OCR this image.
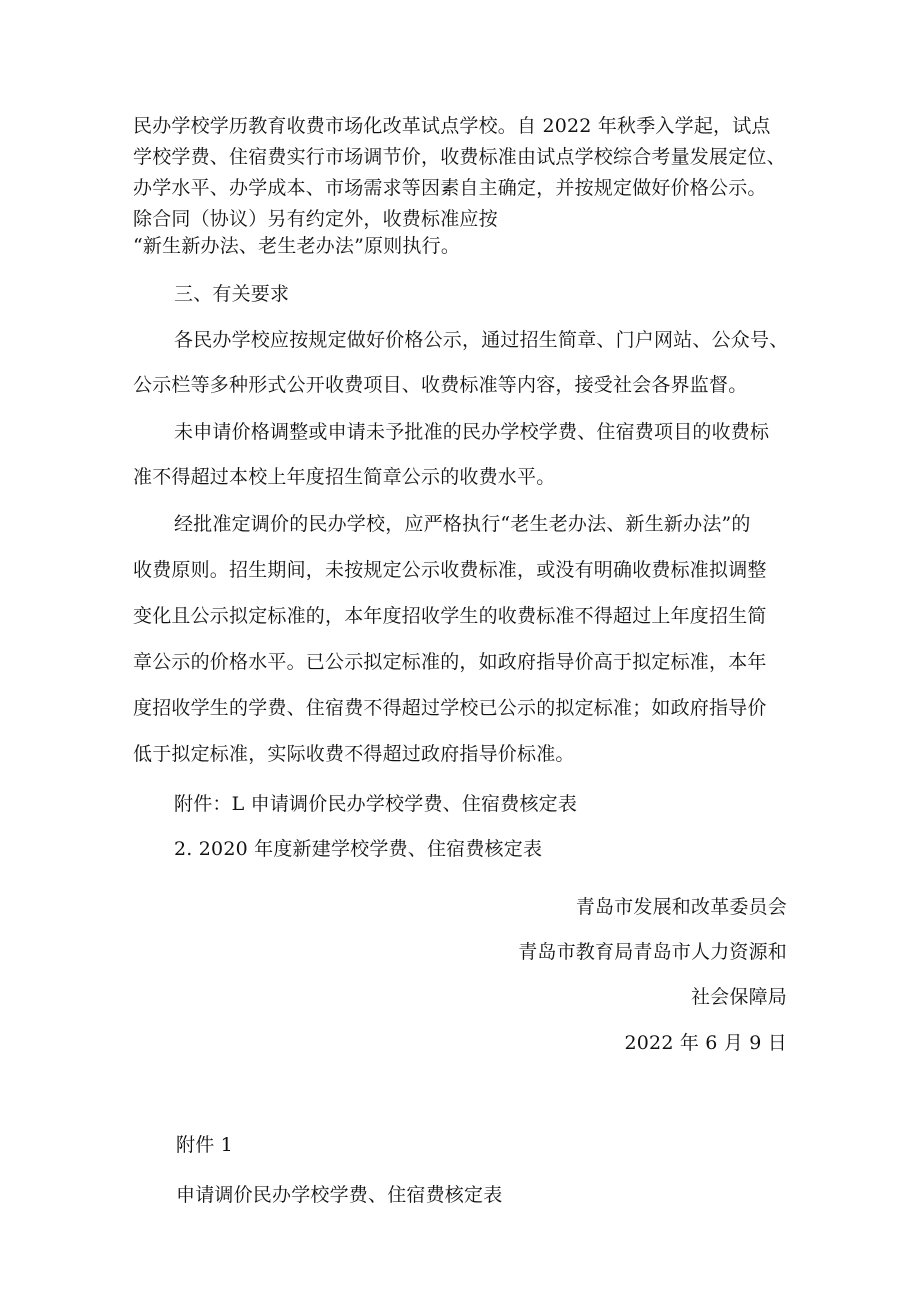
民办学校学历教育收费市场化改革试点学校。自 2022 年秋季入学起，试点

学校学费、住宿费实行市场调节价，收费标准由试点学校综合考量发展定位、

办学水平、办学成本、市场需求等因素自主确定，并按规定做好价格公示。

除合同（协议）另有约定外，收费标准应按

“新生新办法、老生老办法”原则执行。

三、有关要求

各民办学校应按规定做好价格公示，通过招生简章、门户网站、公众号、

公示栏等多种形式公开收费项目、收费标准等内容，接受社会各界监督。

未申请价格调整或申请未予批准的民办学校学费、住宿费项目的收费标

准不得超过本校上年度招生简章公示的收费水平。

经批准定调价的民办学校，应严格执行“老生老办法、新生新办法”的

收费原则。招生期间，未按规定公示收费标准，或没有明确收费标准拟调整

变化且公示拟定标准的，本年度招收学生的收费标准不得超过上年度招生简

章公示的价格水平。已公示拟定标准的，如政府指导价高于拟定标准，本年

度招收学生的学费、住宿费不得超过学校已公示的拟定标准；如政府指导价

低于拟定标准，实际收费不得超过政府指导价标准。

附件：L 申请调价民办学校学费、住宿费核定表

2. 2020 年度新建学校学费、住宿费核定表

青岛市发展和改革委员会

青岛市教育局青岛市人力资源和

社会保障局

2022 年 6 月 9 日

附件 1

申请调价民办学校学费、住宿费核定表
